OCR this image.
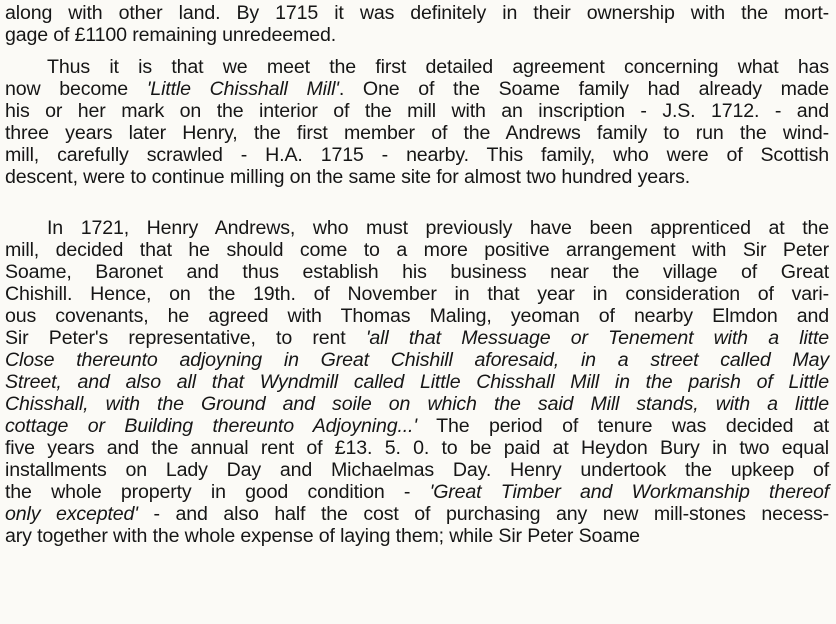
along with other land. By 1715 it was definitely in their ownership with the mort-
gage of £1100 remaining unredeemed.
Thus it is that we meet the first detailed agreement concerning what has
now become 'Little Chisshall Mill'. One of the Soame family had already made
his or her mark on the interior of the mill with an inscription - J.S. 1712. - and
three years later Henry, the first member of the Andrews family to run the wind-
mill, carefully scrawled - H.A. 1715 - nearby. This family, who were of Scottish
descent, were to continue milling on the same site for almost two hundred years.
In 1721, Henry Andrews, who must previously have been apprenticed at the
mill, decided that he should come to a more positive arrangement with Sir Peter
Soame, Baronet and thus establish his business near the village of Great
Chishill. Hence, on the 19th. of November in that year in consideration of vari-
ous covenants, he agreed with Thomas Maling, yeoman of nearby Elmdon and
Sir Peter's representative, to rent 'all that Messuage or Tenement with a litte
Close thereunto adjoyning in Great Chishill aforesaid, in a street called May
Street, and also all that Wyndmill called Little Chisshall Mill in the parish of Little
Chisshall, with the Ground and soile on which the said Mill stands, with a little
cottage or Building thereunto Adjoyning...' The period of tenure was decided at
five years and the annual rent of £13. 5. 0. to be paid at Heydon Bury in two equal
installments on Lady Day and Michaelmas Day. Henry undertook the upkeep of
the whole property in good condition - 'Great Timber and Workmanship thereof
only excepted' - and also half the cost of purchasing any new mill-stones necess-
ary together with the whole expense of laying them; while Sir Peter Soame
